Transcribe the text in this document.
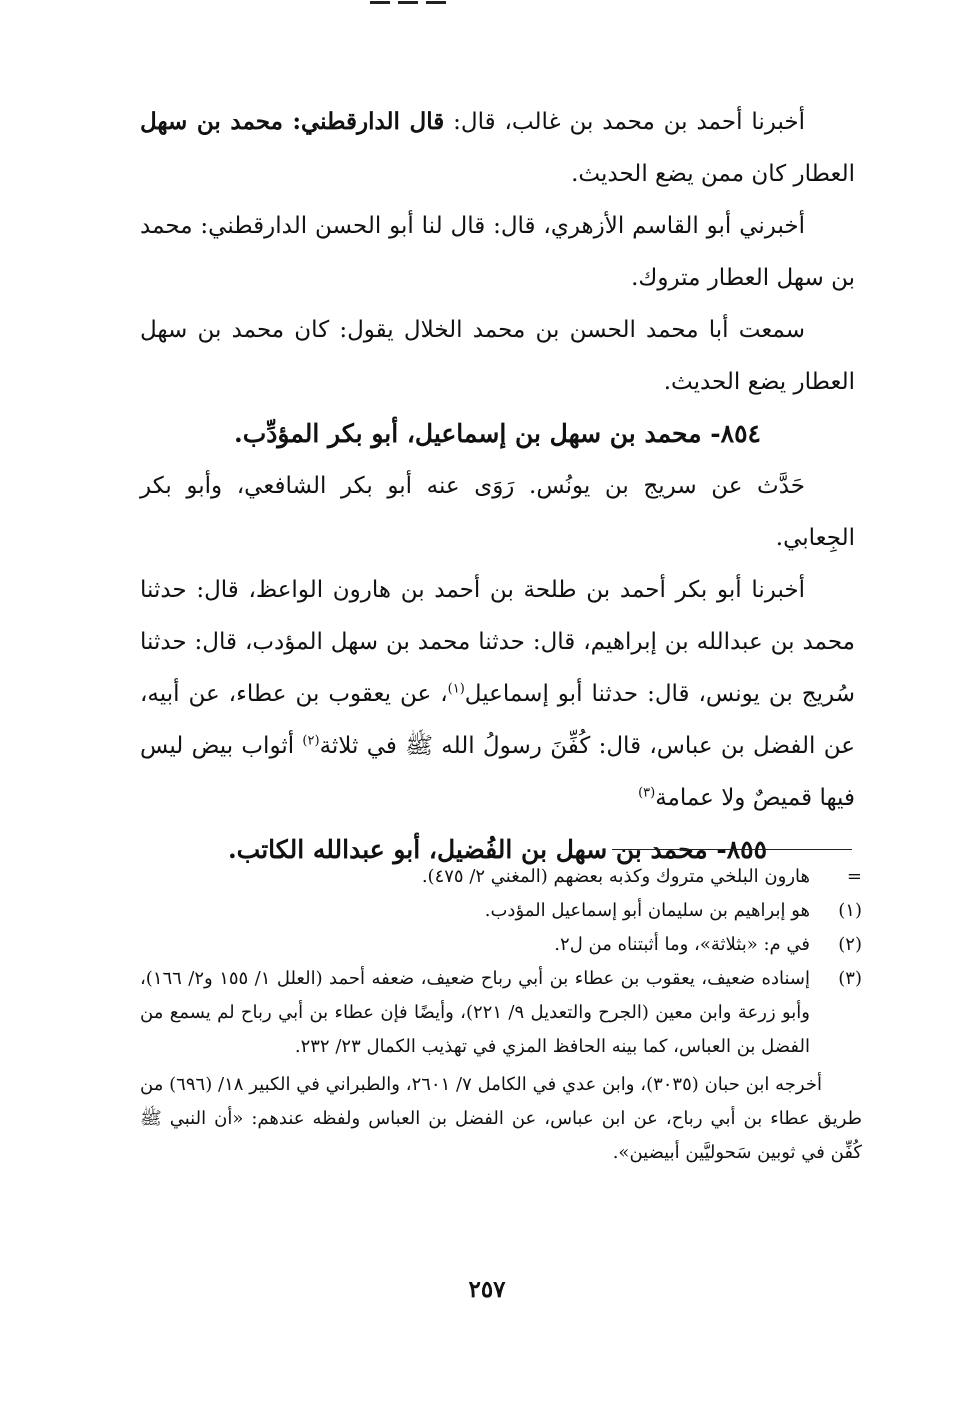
أخبرنا أحمد بن محمد بن غالب، قال: قال الدارقطني: محمد بن سهل العطار كان ممن يضع الحديث.

أخبرني أبو القاسم الأزهري، قال: قال لنا أبو الحسن الدارقطني: محمد بن سهل العطار متروك.

سمعت أبا محمد الحسن بن محمد الخلال يقول: كان محمد بن سهل العطار يضع الحديث.

٨٥٤- محمد بن سهل بن إسماعيل، أبو بكر المؤدِّب.

حَدَّث عن سريج بن يونُس. رَوَى عنه أبو بكر الشافعي، وأبو بكر الجِعابي.

أخبرنا أبو بكر أحمد بن طلحة بن أحمد بن هارون الواعظ، قال: حدثنا محمد بن عبدالله بن إبراهيم، قال: حدثنا محمد بن سهل المؤدب، قال: حدثنا سُريج بن يونس، قال: حدثنا أبو إسماعيل$^{(١)}$، عن يعقوب بن عطاء، عن أبيه، عن الفضل بن عباس، قال: كُفِّنَ رسولُ الله ﷺ في ثلاثة$^{(٢)}$ أثواب بيض ليس فيها قميصٌ ولا عمامة$^{(٣)}$

٨٥٥- محمد بن سهل بن الفُضيل، أبو عبدالله الكاتب.

=
هارون البلخي متروك وكذبه بعضهم (المغني ٢/ ٤٧٥).
(١)
هو إبراهيم بن سليمان أبو إسماعيل المؤدب.
(٢)
في م: «بثلاثة»، وما أثبتناه من ل٢.
(٣)
إسناده ضعيف، يعقوب بن عطاء بن أبي رباح ضعيف، ضعفه أحمد (العلل ١/ ١٥٥ و٢/ ١٦٦)، وأبو زرعة وابن معين (الجرح والتعديل ٩/ ٢٢١)، وأيضًا فإن عطاء بن أبي رباح لم يسمع من الفضل بن العباس، كما بينه الحافظ المزي في تهذيب الكمال ٢٣/ ٢٣٢.

أخرجه ابن حبان (٣٠٣٥)، وابن عدي في الكامل ٧/ ٢٦٠١، والطبراني في الكبير ١٨/ (٦٩٦) من طريق عطاء بن أبي رباح، عن ابن عباس، عن الفضل بن العباس ولفظه عندهم: «أن النبي ﷺ كُفِّن في ثوبين سَحوليَّين أبيضين».

٢٥٧
